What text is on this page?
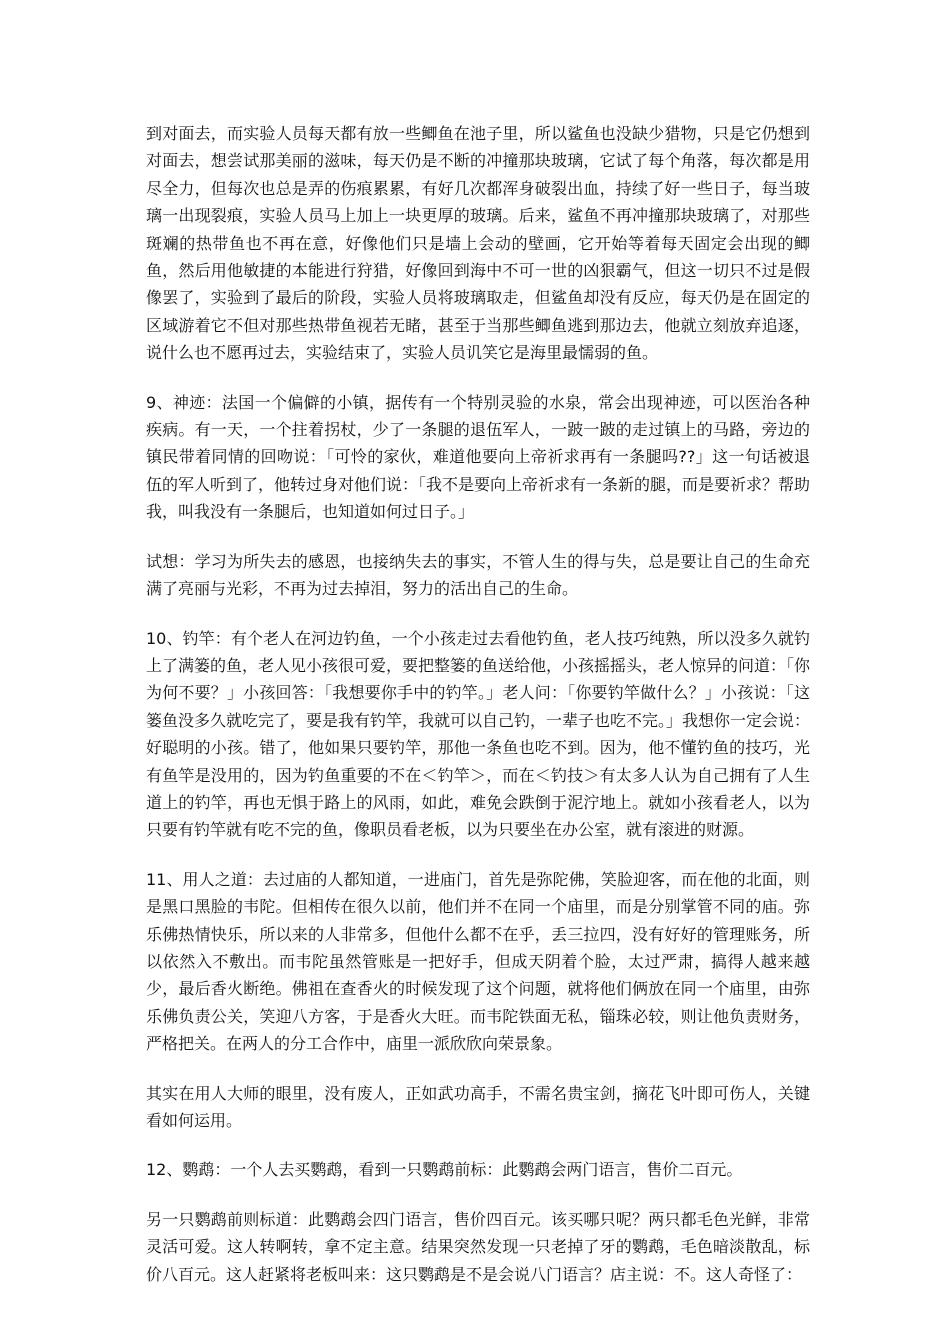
到对面去，而实验人员每天都有放一些鲫鱼在池子里，所以鲨鱼也没缺少猎物，只是它仍想到对面去，想尝试那美丽的滋味，每天仍是不断的冲撞那块玻璃，它试了每个角落，每次都是用尽全力，但每次也总是弄的伤痕累累，有好几次都浑身破裂出血，持续了好一些日子，每当玻璃一出现裂痕，实验人员马上加上一块更厚的玻璃。后来，鲨鱼不再冲撞那块玻璃了，对那些斑斓的热带鱼也不再在意，好像他们只是墙上会动的壁画，它开始等着每天固定会出现的鲫鱼，然后用他敏捷的本能进行狩猎，好像回到海中不可一世的凶狠霸气，但这一切只不过是假像罢了，实验到了最后的阶段，实验人员将玻璃取走，但鲨鱼却没有反应，每天仍是在固定的区域游着它不但对那些热带鱼视若无睹，甚至于当那些鲫鱼逃到那边去，他就立刻放弃追逐，说什么也不愿再过去，实验结束了，实验人员讥笑它是海里最懦弱的鱼。

9、神迹：法国一个偏僻的小镇，据传有一个特别灵验的水泉，常会出现神迹，可以医治各种疾病。有一天，一个拄着拐杖，少了一条腿的退伍军人，一跛一跛的走过镇上的马路，旁边的镇民带着同情的回吻说：「可怜的家伙，难道他要向上帝祈求再有一条腿吗??」这一句话被退伍的军人听到了，他转过身对他们说：「我不是要向上帝祈求有一条新的腿，而是要祈求？帮助我，叫我没有一条腿后，也知道如何过日子。」

试想：学习为所失去的感恩，也接纳失去的事实，不管人生的得与失，总是要让自己的生命充满了亮丽与光彩，不再为过去掉泪，努力的活出自己的生命。

10、钓竿：有个老人在河边钓鱼，一个小孩走过去看他钓鱼，老人技巧纯熟，所以没多久就钓上了满篓的鱼，老人见小孩很可爱，要把整篓的鱼送给他，小孩摇摇头，老人惊异的问道：「你为何不要？」小孩回答：「我想要你手中的钓竿。」老人问：「你要钓竿做什么？」小孩说：「这篓鱼没多久就吃完了，要是我有钓竿，我就可以自己钓，一辈子也吃不完。」我想你一定会说：好聪明的小孩。错了，他如果只要钓竿，那他一条鱼也吃不到。因为，他不懂钓鱼的技巧，光有鱼竿是没用的，因为钓鱼重要的不在＜钓竿＞，而在＜钓技＞有太多人认为自己拥有了人生道上的钓竿，再也无惧于路上的风雨，如此，难免会跌倒于泥泞地上。就如小孩看老人，以为只要有钓竿就有吃不完的鱼，像职员看老板，以为只要坐在办公室，就有滚进的财源。

11、用人之道：去过庙的人都知道，一进庙门，首先是弥陀佛，笑脸迎客，而在他的北面，则是黑口黑脸的韦陀。但相传在很久以前，他们并不在同一个庙里，而是分别掌管不同的庙。弥乐佛热情快乐，所以来的人非常多，但他什么都不在乎，丢三拉四，没有好好的管理账务，所以依然入不敷出。而韦陀虽然管账是一把好手，但成天阴着个脸，太过严肃，搞得人越来越少，最后香火断绝。佛祖在查香火的时候发现了这个问题，就将他们俩放在同一个庙里，由弥乐佛负责公关，笑迎八方客，于是香火大旺。而韦陀铁面无私，锱珠必较，则让他负责财务，严格把关。在两人的分工合作中，庙里一派欣欣向荣景象。

其实在用人大师的眼里，没有废人，正如武功高手，不需名贵宝剑，摘花飞叶即可伤人，关键看如何运用。

12、鹦鹉：一个人去买鹦鹉，看到一只鹦鹉前标：此鹦鹉会两门语言，售价二百元。

另一只鹦鹉前则标道：此鹦鹉会四门语言，售价四百元。该买哪只呢？两只都毛色光鲜，非常灵活可爱。这人转啊转，拿不定主意。结果突然发现一只老掉了牙的鹦鹉，毛色暗淡散乱，标价八百元。这人赶紧将老板叫来：这只鹦鹉是不是会说八门语言？店主说：不。这人奇怪了：
